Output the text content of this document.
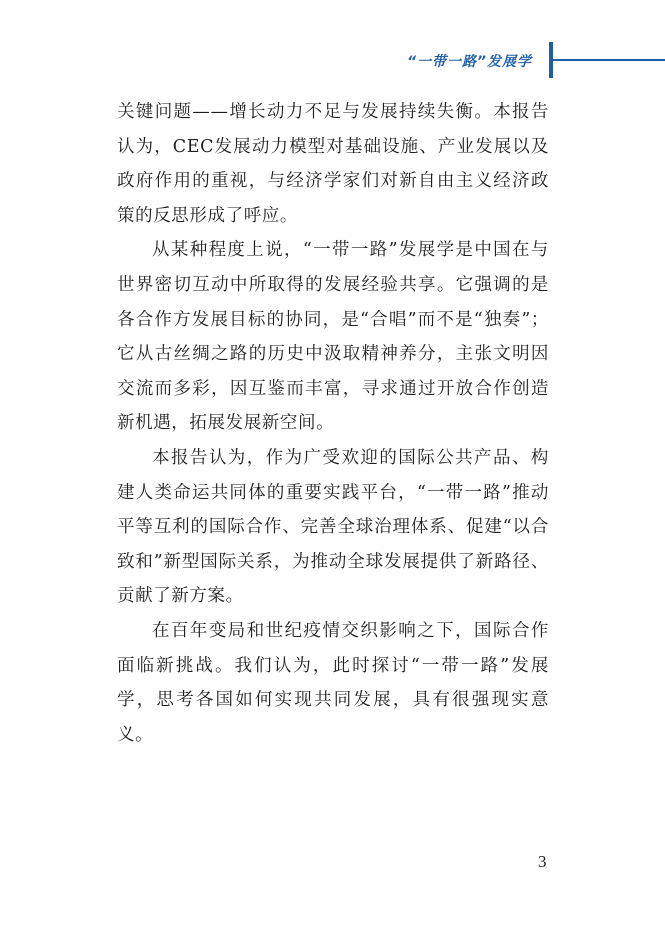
“一带一路”发展学

关键问题——增长动力不足与发展持续失衡。本报告认为，CEC发展动力模型对基础设施、产业发展以及政府作用的重视，与经济学家们对新自由主义经济政策的反思形成了呼应。

从某种程度上说，“一带一路”发展学是中国在与世界密切互动中所取得的发展经验共享。它强调的是各合作方发展目标的协同，是“合唱”而不是“独奏”；它从古丝绸之路的历史中汲取精神养分，主张文明因交流而多彩，因互鉴而丰富，寻求通过开放合作创造新机遇，拓展发展新空间。

本报告认为，作为广受欢迎的国际公共产品、构建人类命运共同体的重要实践平台，“一带一路”推动平等互利的国际合作、完善全球治理体系、促建“以合致和”新型国际关系，为推动全球发展提供了新路径、贡献了新方案。

在百年变局和世纪疫情交织影响之下，国际合作面临新挑战。我们认为，此时探讨“一带一路”发展学，思考各国如何实现共同发展，具有很强现实意义。

3
